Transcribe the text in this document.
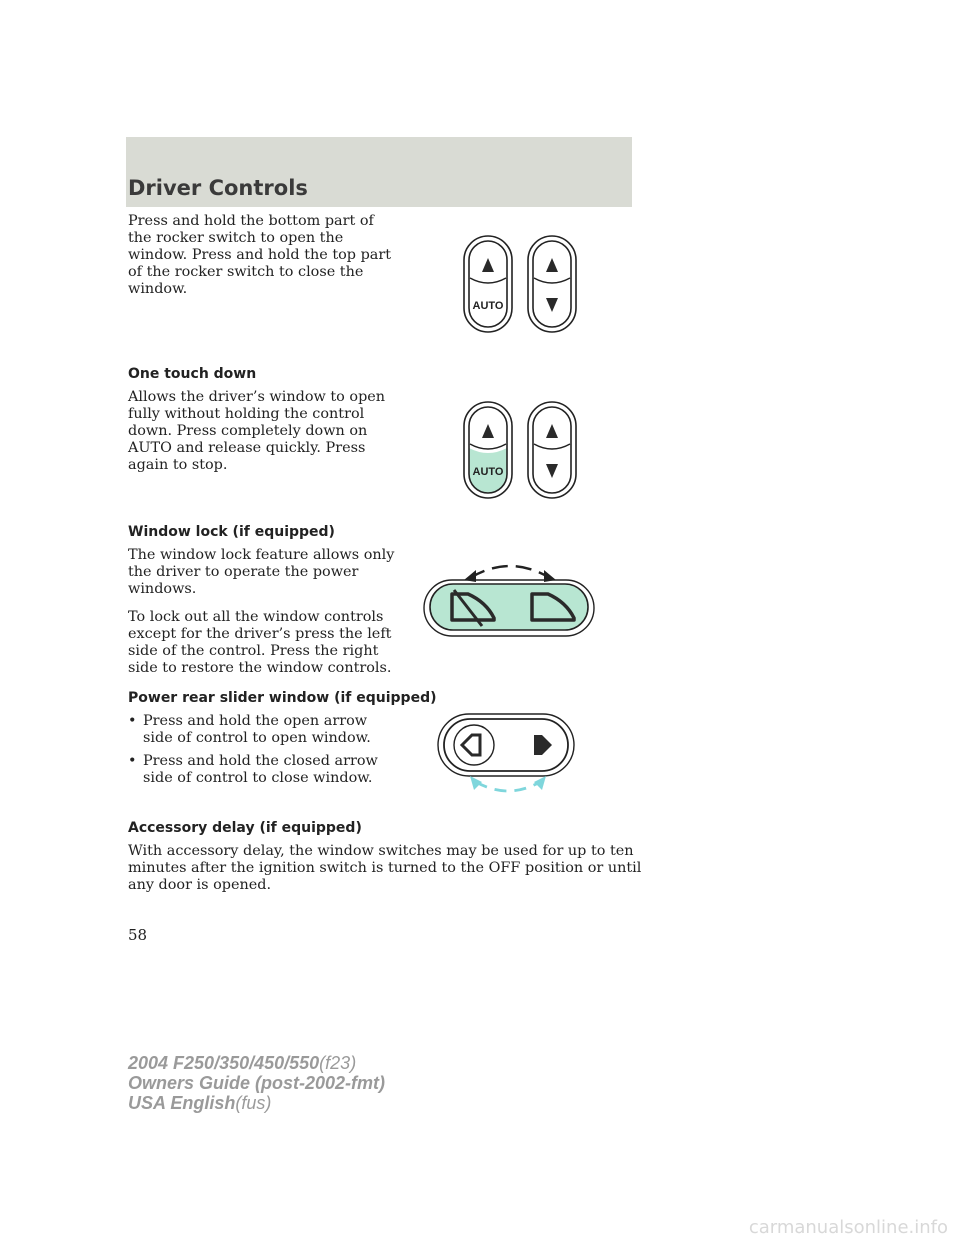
Driver Controls
Press and hold the bottom part of
the rocker switch to open the
window. Press and hold the top part
of the rocker switch to close the
window.
One touch down
Allows the driver’s window to open
fully without holding the control
down. Press completely down on
AUTO and release quickly. Press
again to stop.
Window lock (if equipped)
The window lock feature allows only
the driver to operate the power
windows.
To lock out all the window controls
except for the driver’s press the left
side of the control. Press the right
side to restore the window controls.
Power rear slider window (if equipped)
• Press and hold the open arrow
side of control to open window.
• Press and hold the closed arrow
side of control to close window.
Accessory delay (if equipped)
With accessory delay, the window switches may be used for up to ten
minutes after the ignition switch is turned to the OFF position or until
any door is opened.
58
2004 F250/350/450/550(f23)
Owners Guide (post-2002-fmt)
USA English(fus)
carmanualsonline.info
AUTO
AUTO
